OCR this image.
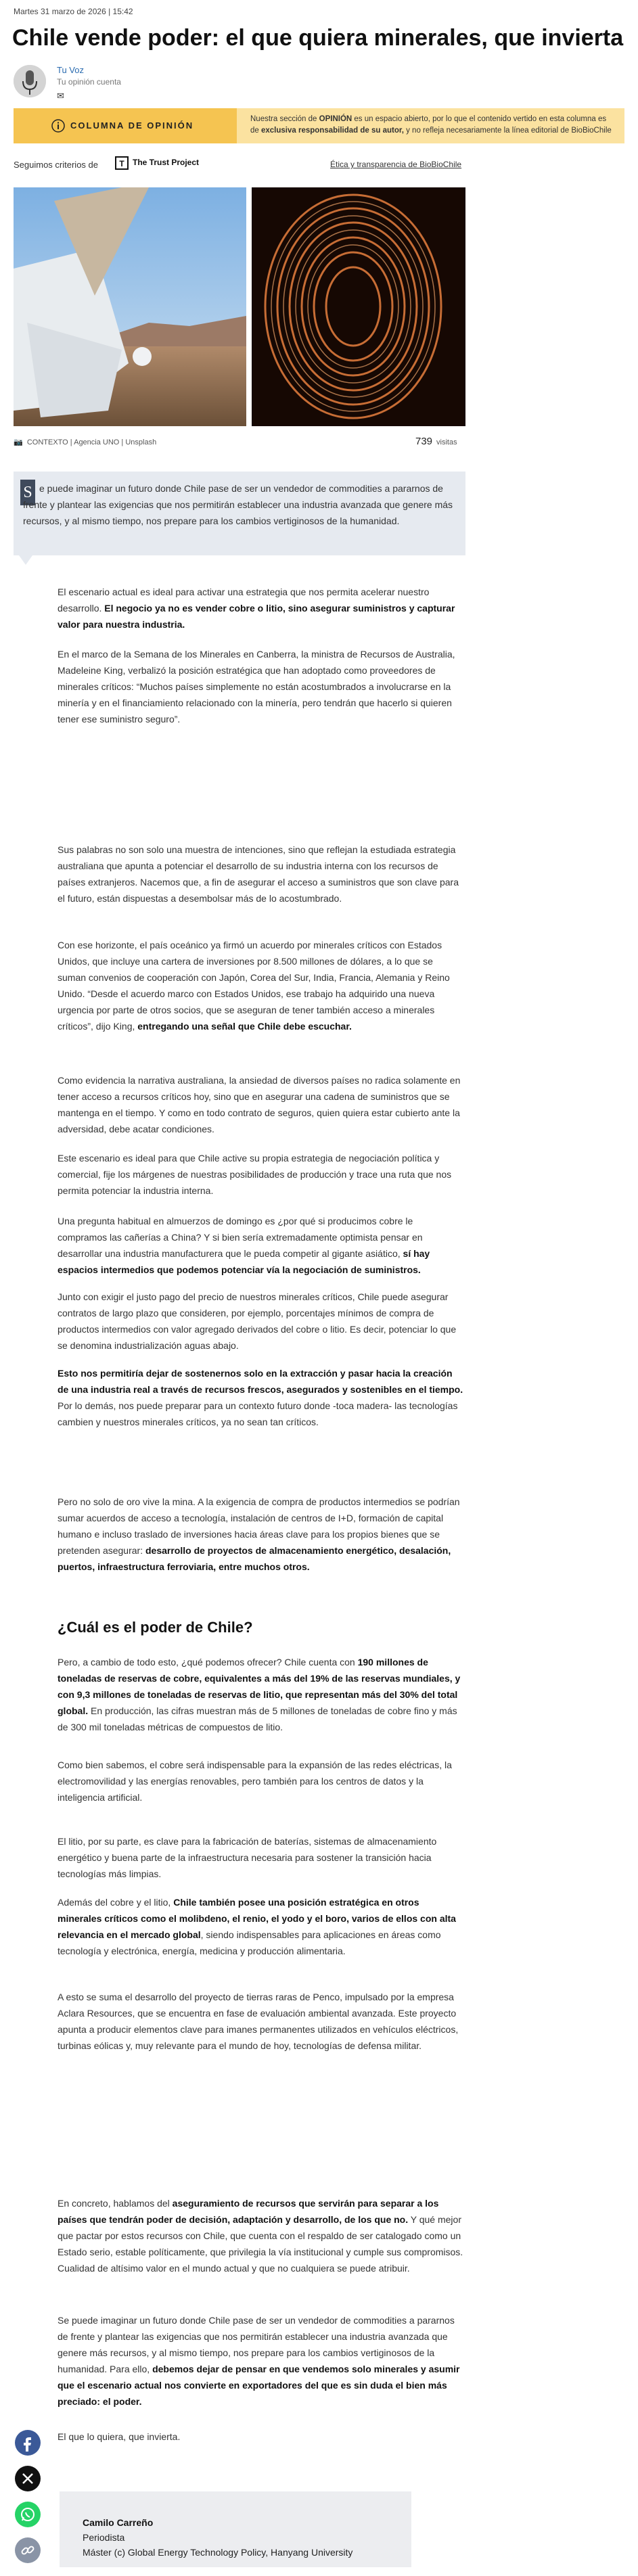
Martes 31 marzo de 2026 | 15:42
Chile vende poder: el que quiera minerales, que invierta
Tu Voz
Tu opinión cuenta
✉
COLUMNA DE OPINIÓN
Nuestra sección de OPINIÓN es un espacio abierto, por lo que el contenido vertido en esta columna es de exclusiva responsabilidad de su autor, y no refleja necesariamente la línea editorial de BioBioChile
Seguimos criterios de	T The Trust Project	Ética y transparencia de BioBioChile
📷 CONTEXTO | Agencia UNO | Unsplash	739 visitas
S e puede imaginar un futuro donde Chile pase de ser un vendedor de commodities a pararnos de frente y plantear las exigencias que nos permitirán establecer una industria avanzada que genere más recursos, y al mismo tiempo, nos prepare para los cambios vertiginosos de la humanidad.

El escenario actual es ideal para activar una estrategia que nos permita acelerar nuestro desarrollo. El negocio ya no es vender cobre o litio, sino asegurar suministros y capturar valor para nuestra industria.

En el marco de la Semana de los Minerales en Canberra, la ministra de Recursos de Australia, Madeleine King, verbalizó la posición estratégica que han adoptado como proveedores de minerales críticos: “Muchos países simplemente no están acostumbrados a involucrarse en la minería y en el financiamiento relacionado con la minería, pero tendrán que hacerlo si quieren tener ese suministro seguro”.

Sus palabras no son solo una muestra de intenciones, sino que reflejan la estudiada estrategia australiana que apunta a potenciar el desarrollo de su industria interna con los recursos de países extranjeros. Nacemos que, a fin de asegurar el acceso a suministros que son clave para el futuro, están dispuestas a desembolsar más de lo acostumbrado.

Con ese horizonte, el país oceánico ya firmó un acuerdo por minerales críticos con Estados Unidos, que incluye una cartera de inversiones por 8.500 millones de dólares, a lo que se suman convenios de cooperación con Japón, Corea del Sur, India, Francia, Alemania y Reino Unido. “Desde el acuerdo marco con Estados Unidos, ese trabajo ha adquirido una nueva urgencia por parte de otros socios, que se aseguran de tener también acceso a minerales críticos”, dijo King, entregando una señal que Chile debe escuchar.

Como evidencia la narrativa australiana, la ansiedad de diversos países no radica solamente en tener acceso a recursos críticos hoy, sino que en asegurar una cadena de suministros que se mantenga en el tiempo. Y como en todo contrato de seguros, quien quiera estar cubierto ante la adversidad, debe acatar condiciones.

Este escenario es ideal para que Chile active su propia estrategia de negociación política y comercial, fije los márgenes de nuestras posibilidades de producción y trace una ruta que nos permita potenciar la industria interna.

Una pregunta habitual en almuerzos de domingo es ¿por qué si producimos cobre le compramos las cañerías a China? Y si bien sería extremadamente optimista pensar en desarrollar una industria manufacturera que le pueda competir al gigante asiático, sí hay espacios intermedios que podemos potenciar vía la negociación de suministros.

Junto con exigir el justo pago del precio de nuestros minerales críticos, Chile puede asegurar contratos de largo plazo que consideren, por ejemplo, porcentajes mínimos de compra de productos intermedios con valor agregado derivados del cobre o litio. Es decir, potenciar lo que se denomina industrialización aguas abajo.

Esto nos permitiría dejar de sostenernos solo en la extracción y pasar hacia la creación de una industria real a través de recursos frescos, asegurados y sostenibles en el tiempo. Por lo demás, nos puede preparar para un contexto futuro donde -toca madera- las tecnologías cambien y nuestros minerales críticos, ya no sean tan críticos.

Pero no solo de oro vive la mina. A la exigencia de compra de productos intermedios se podrían sumar acuerdos de acceso a tecnología, instalación de centros de I+D, formación de capital humano e incluso traslado de inversiones hacia áreas clave para los propios bienes que se pretenden asegurar: desarrollo de proyectos de almacenamiento energético, desalación, puertos, infraestructura ferroviaria, entre muchos otros.

¿Cuál es el poder de Chile?

Pero, a cambio de todo esto, ¿qué podemos ofrecer? Chile cuenta con 190 millones de toneladas de reservas de cobre, equivalentes a más del 19% de las reservas mundiales, y con 9,3 millones de toneladas de reservas de litio, que representan más del 30% del total global. En producción, las cifras muestran más de 5 millones de toneladas de cobre fino y más de 300 mil toneladas métricas de compuestos de litio.

Como bien sabemos, el cobre será indispensable para la expansión de las redes eléctricas, la electromovilidad y las energías renovables, pero también para los centros de datos y la inteligencia artificial.

El litio, por su parte, es clave para la fabricación de baterías, sistemas de almacenamiento energético y buena parte de la infraestructura necesaria para sostener la transición hacia tecnologías más limpias.

Además del cobre y el litio, Chile también posee una posición estratégica en otros minerales críticos como el molibdeno, el renio, el yodo y el boro, varios de ellos con alta relevancia en el mercado global, siendo indispensables para aplicaciones en áreas como tecnología y electrónica, energía, medicina y producción alimentaria.

A esto se suma el desarrollo del proyecto de tierras raras de Penco, impulsado por la empresa Aclara Resources, que se encuentra en fase de evaluación ambiental avanzada. Este proyecto apunta a producir elementos clave para imanes permanentes utilizados en vehículos eléctricos, turbinas eólicas y, muy relevante para el mundo de hoy, tecnologías de defensa militar.

En concreto, hablamos del aseguramiento de recursos que servirán para separar a los países que tendrán poder de decisión, adaptación y desarrollo, de los que no. Y qué mejor que pactar por estos recursos con Chile, que cuenta con el respaldo de ser catalogado como un Estado serio, estable políticamente, que privilegia la vía institucional y cumple sus compromisos. Cualidad de altísimo valor en el mundo actual y que no cualquiera se puede atribuir.

Se puede imaginar un futuro donde Chile pase de ser un vendedor de commodities a pararnos de frente y plantear las exigencias que nos permitirán establecer una industria avanzada que genere más recursos, y al mismo tiempo, nos prepare para los cambios vertiginosos de la humanidad. Para ello, debemos dejar de pensar en que vendemos solo minerales y asumir que el escenario actual nos convierte en exportadores del que es sin duda el bien más preciado: el poder.

El que lo quiera, que invierta.

Camilo Carreño
Periodista
Máster (c) Global Energy Technology Policy, Hanyang University
